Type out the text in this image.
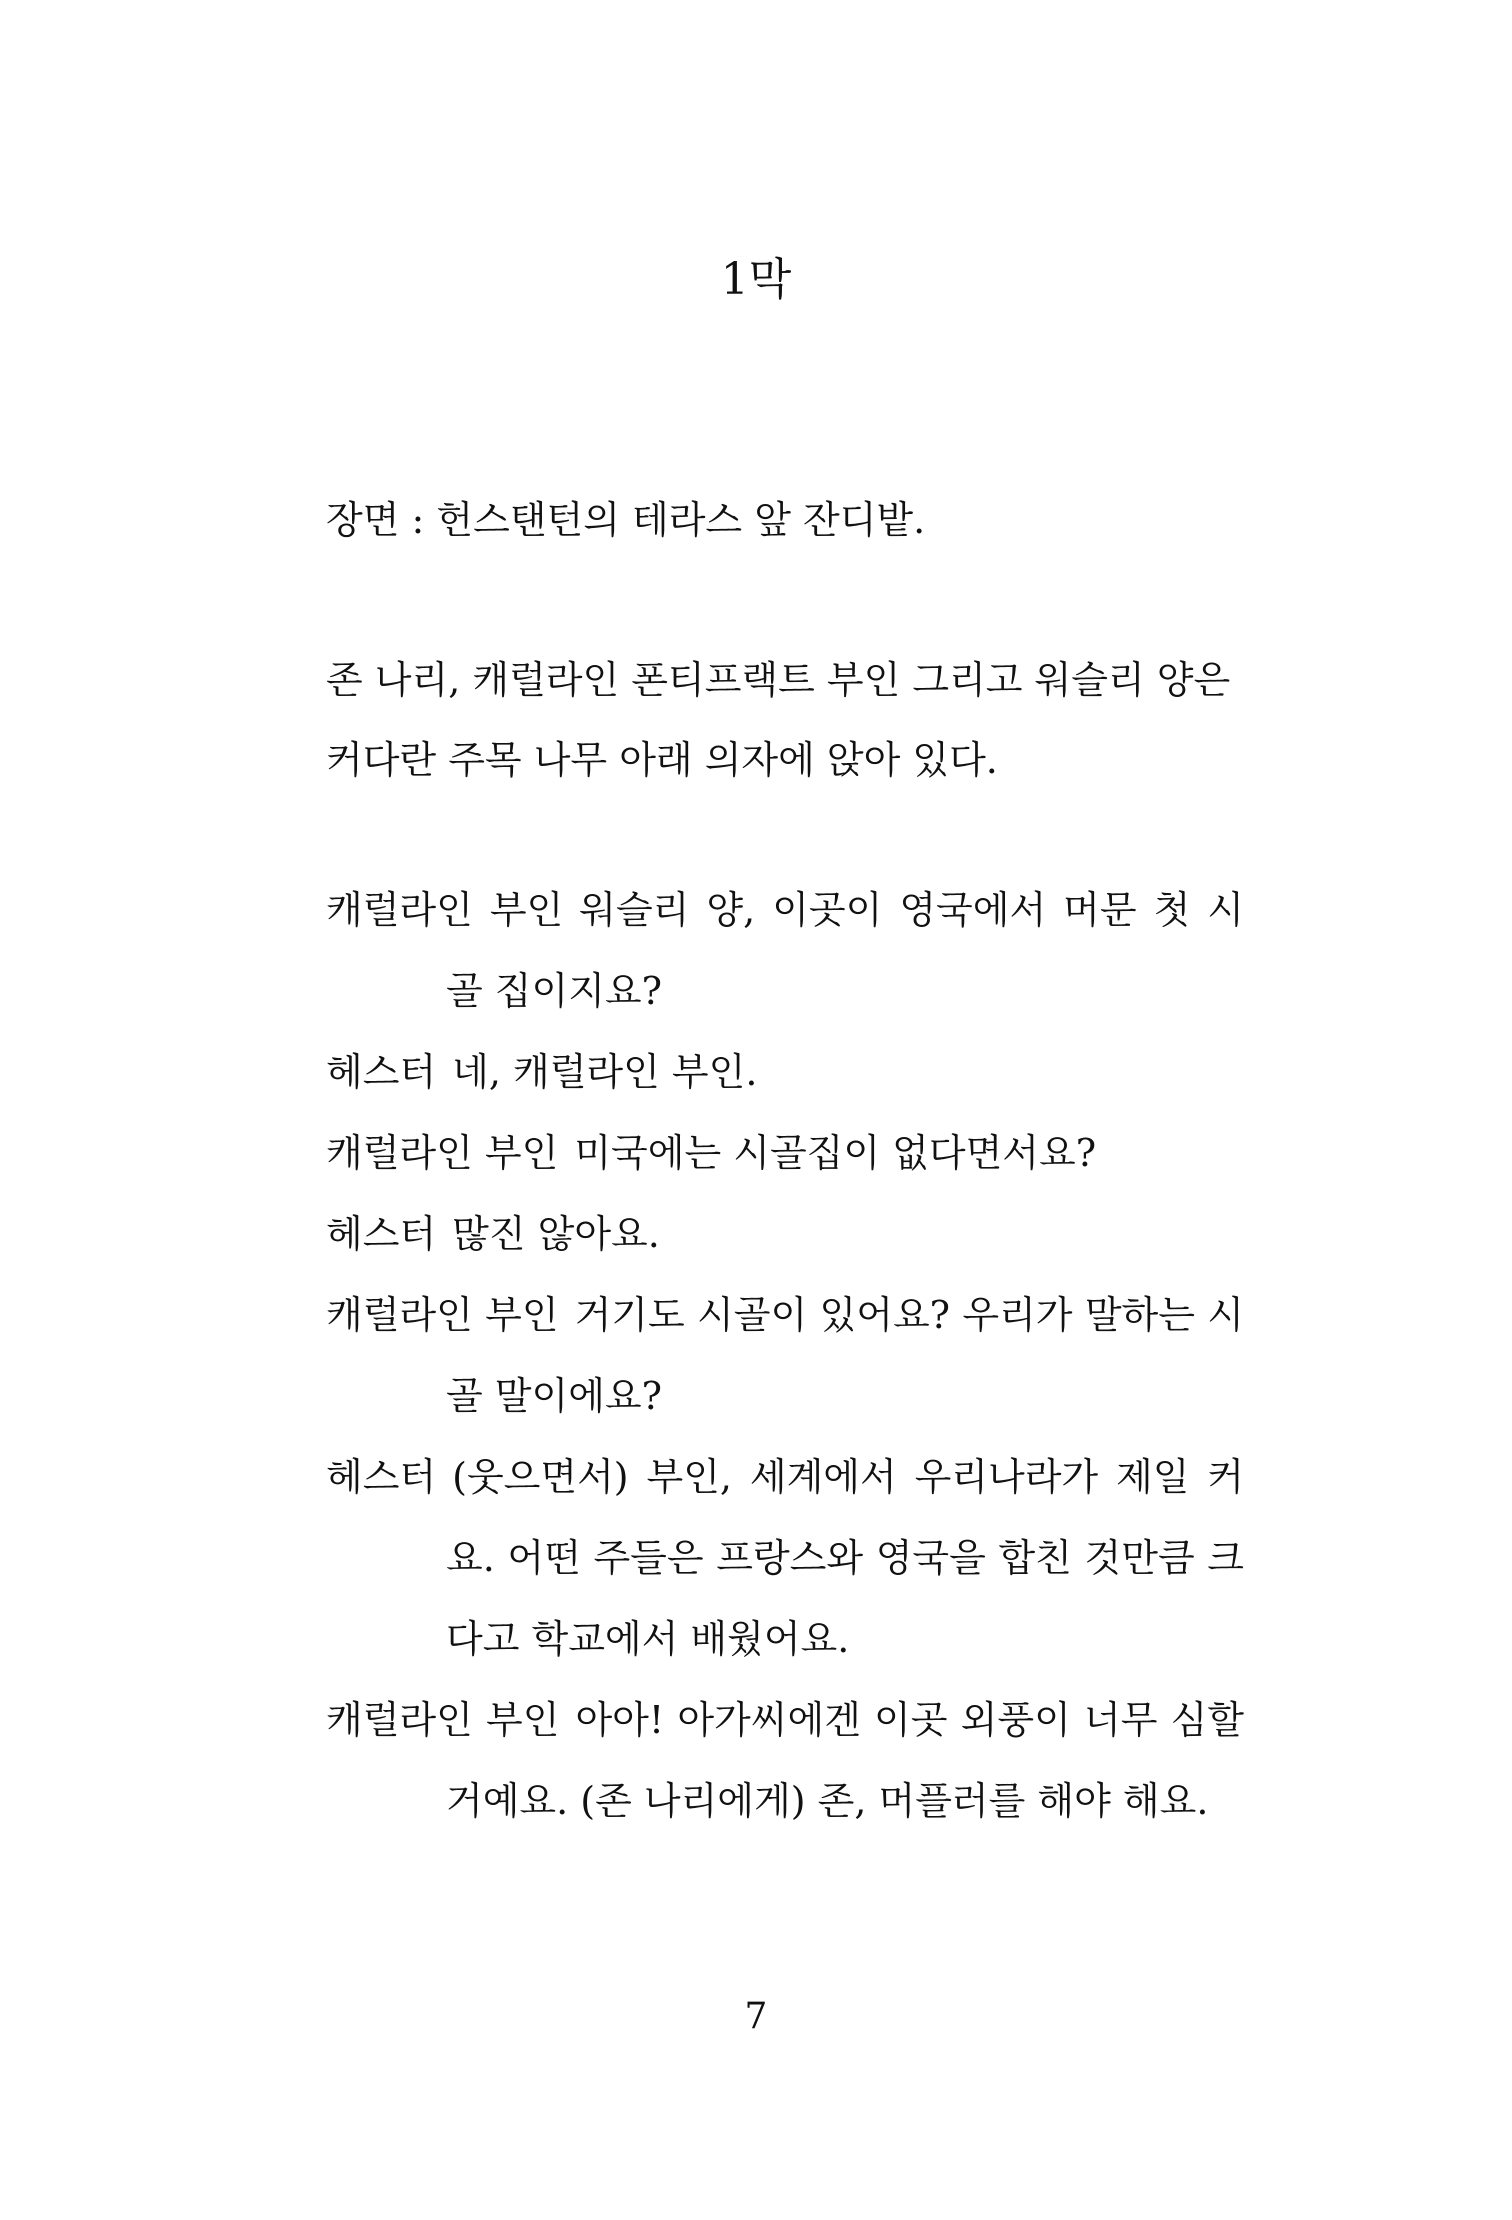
1막
장면 : 헌스탠턴의 테라스 앞 잔디밭.
존 나리, 캐럴라인 폰티프랙트 부인 그리고 워슬리 양은
커다란 주목 나무 아래 의자에 앉아 있다.
캐럴라인 부인 워슬리 양, 이곳이 영국에서 머문 첫 시골 집이지요?
헤스터 네, 캐럴라인 부인.
캐럴라인 부인 미국에는 시골집이 없다면서요?
헤스터 많진 않아요.
캐럴라인 부인 거기도 시골이 있어요? 우리가 말하는 시골 말이에요?
헤스터 (웃으면서) 부인, 세계에서 우리나라가 제일 커요. 어떤 주들은 프랑스와 영국을 합친 것만큼 크다고 학교에서 배웠어요.
캐럴라인 부인 아아! 아가씨에겐 이곳 외풍이 너무 심할 거예요. (존 나리에게) 존, 머플러를 해야 해요.
7
